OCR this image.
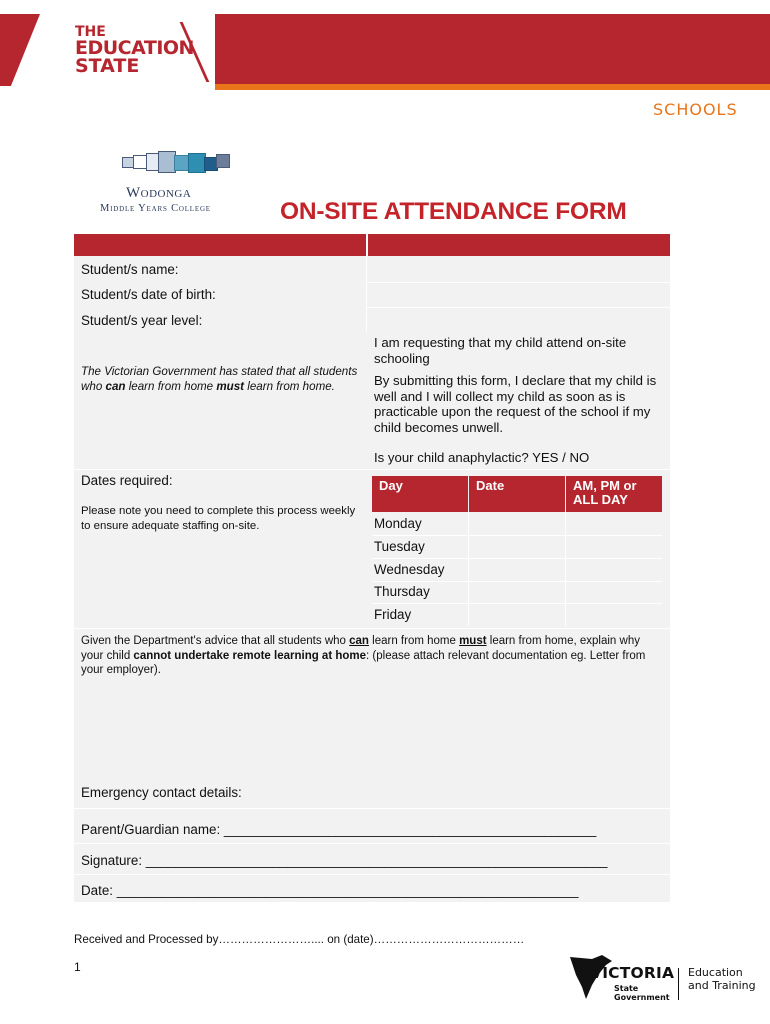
THE
EDUCATION
STATE
SCHOOLS
Wodonga
Middle Years College	ON-SITE ATTENDANCE FORM
Student/s name:
Student/s date of birth:
Student/s year level:
The Victorian Government has stated that all students who can learn from home must learn from home.
I am requesting that my child attend on-site schooling
By submitting this form, I declare that my child is well and I will collect my child as soon as is practicable upon the request of the school if my child becomes unwell.
Is your child anaphylactic? YES / NO
Dates required:
Please note you need to complete this process weekly to ensure adequate staffing on-site.
Day	Date	AM, PM or ALL DAY
Monday
Tuesday
Wednesday
Thursday
Friday
Given the Department's advice that all students who can learn from home must learn from home, explain why your child cannot undertake remote learning at home: (please attach relevant documentation eg. Letter from your employer).
Emergency contact details:
Parent/Guardian name: __________________________________________________
Signature: ______________________________________________________________
Date: ______________________________________________________________
Received and Processed by…………………….... on (date)…………………………………
1	VICTORIA
State
Government
Education
and Training
